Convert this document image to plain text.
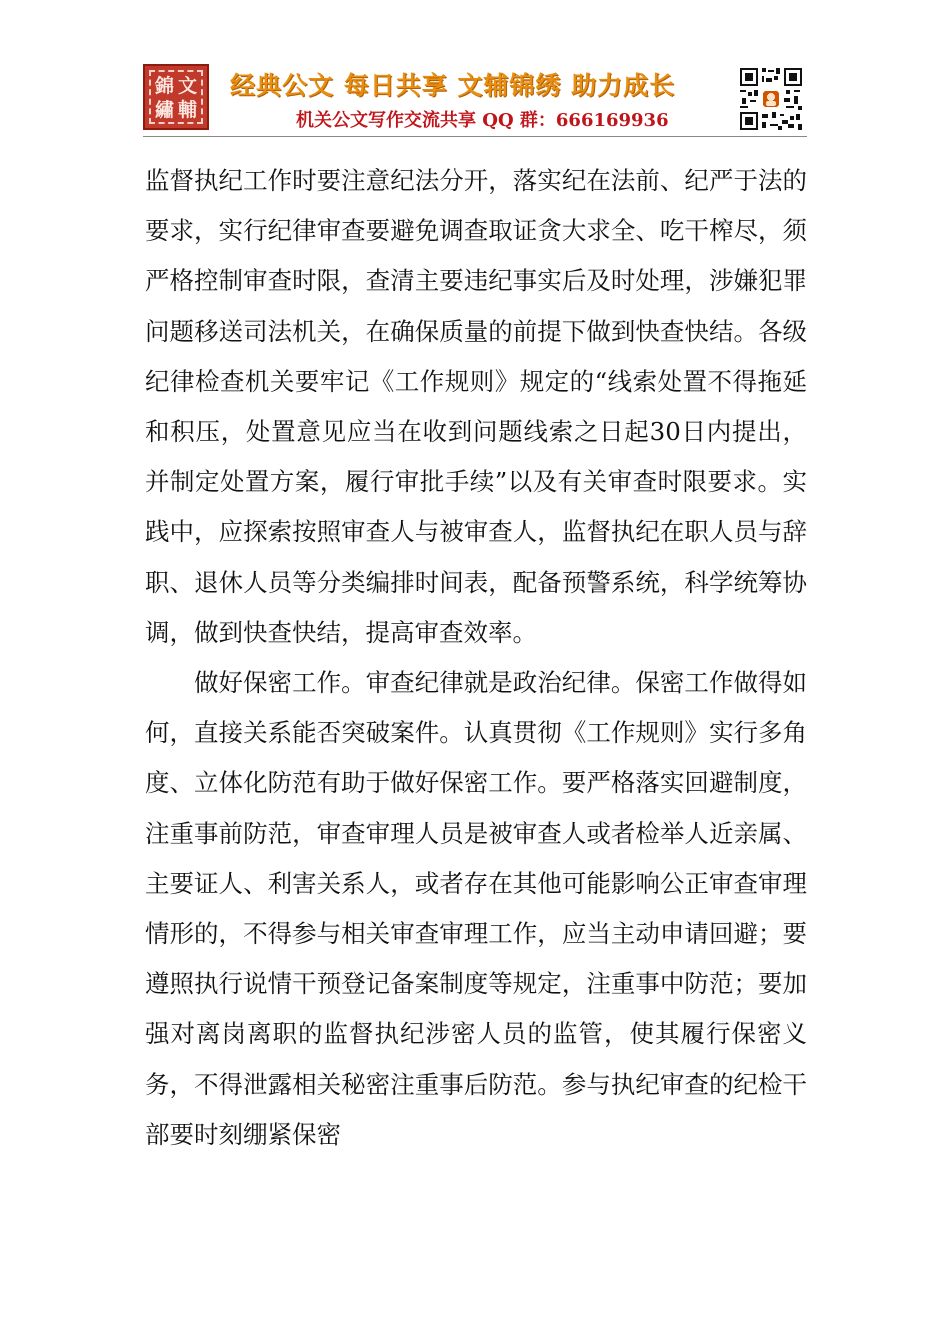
錦 文
繡 輔
经典公文 每日共享 文辅锦绣 助力成长
机关公文写作交流共享 QQ 群：666169936

监督执纪工作时要注意纪法分开，落实纪在法前、纪严于法的要求，实行纪律审查要避免调查取证贪大求全、吃干榨尽，须严格控制审查时限，查清主要违纪事实后及时处理，涉嫌犯罪问题移送司法机关，在确保质量的前提下做到快查快结。各级纪律检查机关要牢记《工作规则》规定的“线索处置不得拖延和积压，处置意见应当在收到问题线索之日起30日内提出，并制定处置方案，履行审批手续”以及有关审查时限要求。实践中，应探索按照审查人与被审查人，监督执纪在职人员与辞职、退休人员等分类编排时间表，配备预警系统，科学统筹协调，做到快查快结，提高审查效率。

做好保密工作。审查纪律就是政治纪律。保密工作做得如何，直接关系能否突破案件。认真贯彻《工作规则》实行多角度、立体化防范有助于做好保密工作。要严格落实回避制度，注重事前防范，审查审理人员是被审查人或者检举人近亲属、主要证人、利害关系人，或者存在其他可能影响公正审查审理情形的，不得参与相关审查审理工作，应当主动申请回避；要遵照执行说情干预登记备案制度等规定，注重事中防范；要加强对离岗离职的监督执纪涉密人员的监管，使其履行保密义务，不得泄露相关秘密注重事后防范。参与执纪审查的纪检干部要时刻绷紧保密
